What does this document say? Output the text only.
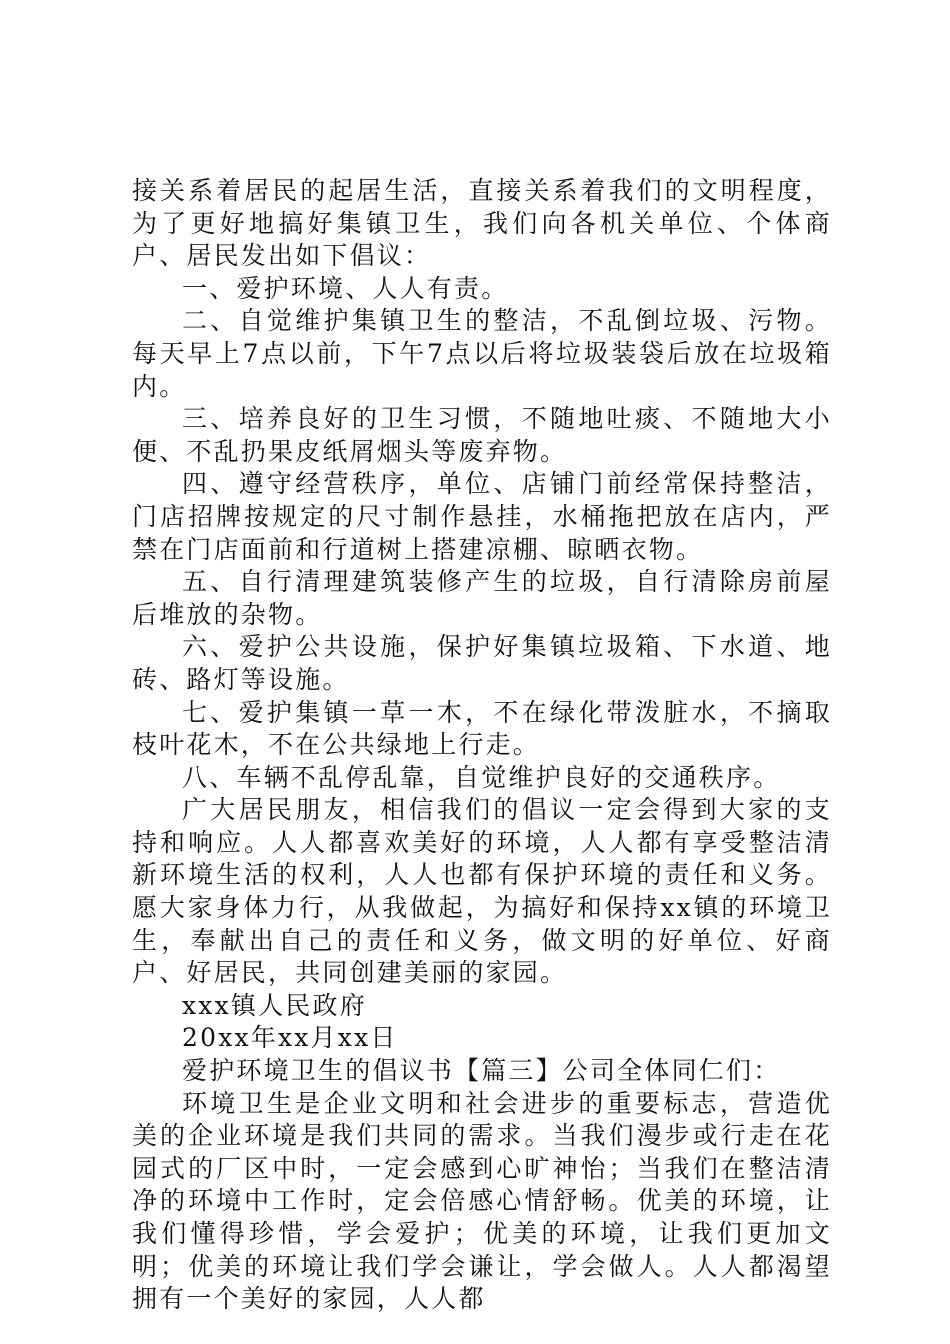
接关系着居民的起居生活，直接关系着我们的文明程度，为了更好地搞好集镇卫生，我们向各机关单位、个体商户、居民发出如下倡议：

一、爱护环境、人人有责。

二、自觉维护集镇卫生的整洁，不乱倒垃圾、污物。每天早上7点以前，下午7点以后将垃圾装袋后放在垃圾箱内。

三、培养良好的卫生习惯，不随地吐痰、不随地大小便、不乱扔果皮纸屑烟头等废弃物。

四、遵守经营秩序，单位、店铺门前经常保持整洁，门店招牌按规定的尺寸制作悬挂，水桶拖把放在店内，严禁在门店面前和行道树上搭建凉棚、晾晒衣物。

五、自行清理建筑装修产生的垃圾，自行清除房前屋后堆放的杂物。

六、爱护公共设施，保护好集镇垃圾箱、下水道、地砖、路灯等设施。

七、爱护集镇一草一木，不在绿化带泼脏水，不摘取枝叶花木，不在公共绿地上行走。

八、车辆不乱停乱靠，自觉维护良好的交通秩序。

广大居民朋友，相信我们的倡议一定会得到大家的支持和响应。人人都喜欢美好的环境，人人都有享受整洁清新环境生活的权利，人人也都有保护环境的责任和义务。愿大家身体力行，从我做起，为搞好和保持xx镇的环境卫生，奉献出自己的责任和义务，做文明的好单位、好商户、好居民，共同创建美丽的家园。

xxx镇人民政府

20xx年xx月xx日

爱护环境卫生的倡议书【篇三】公司全体同仁们：

环境卫生是企业文明和社会进步的重要标志，营造优美的企业环境是我们共同的需求。当我们漫步或行走在花园式的厂区中时，一定会感到心旷神怡；当我们在整洁清净的环境中工作时，定会倍感心情舒畅。优美的环境，让我们懂得珍惜，学会爱护；优美的环境，让我们更加文明；优美的环境让我们学会谦让，学会做人。人人都渴望拥有一个美好的家园，人人都
